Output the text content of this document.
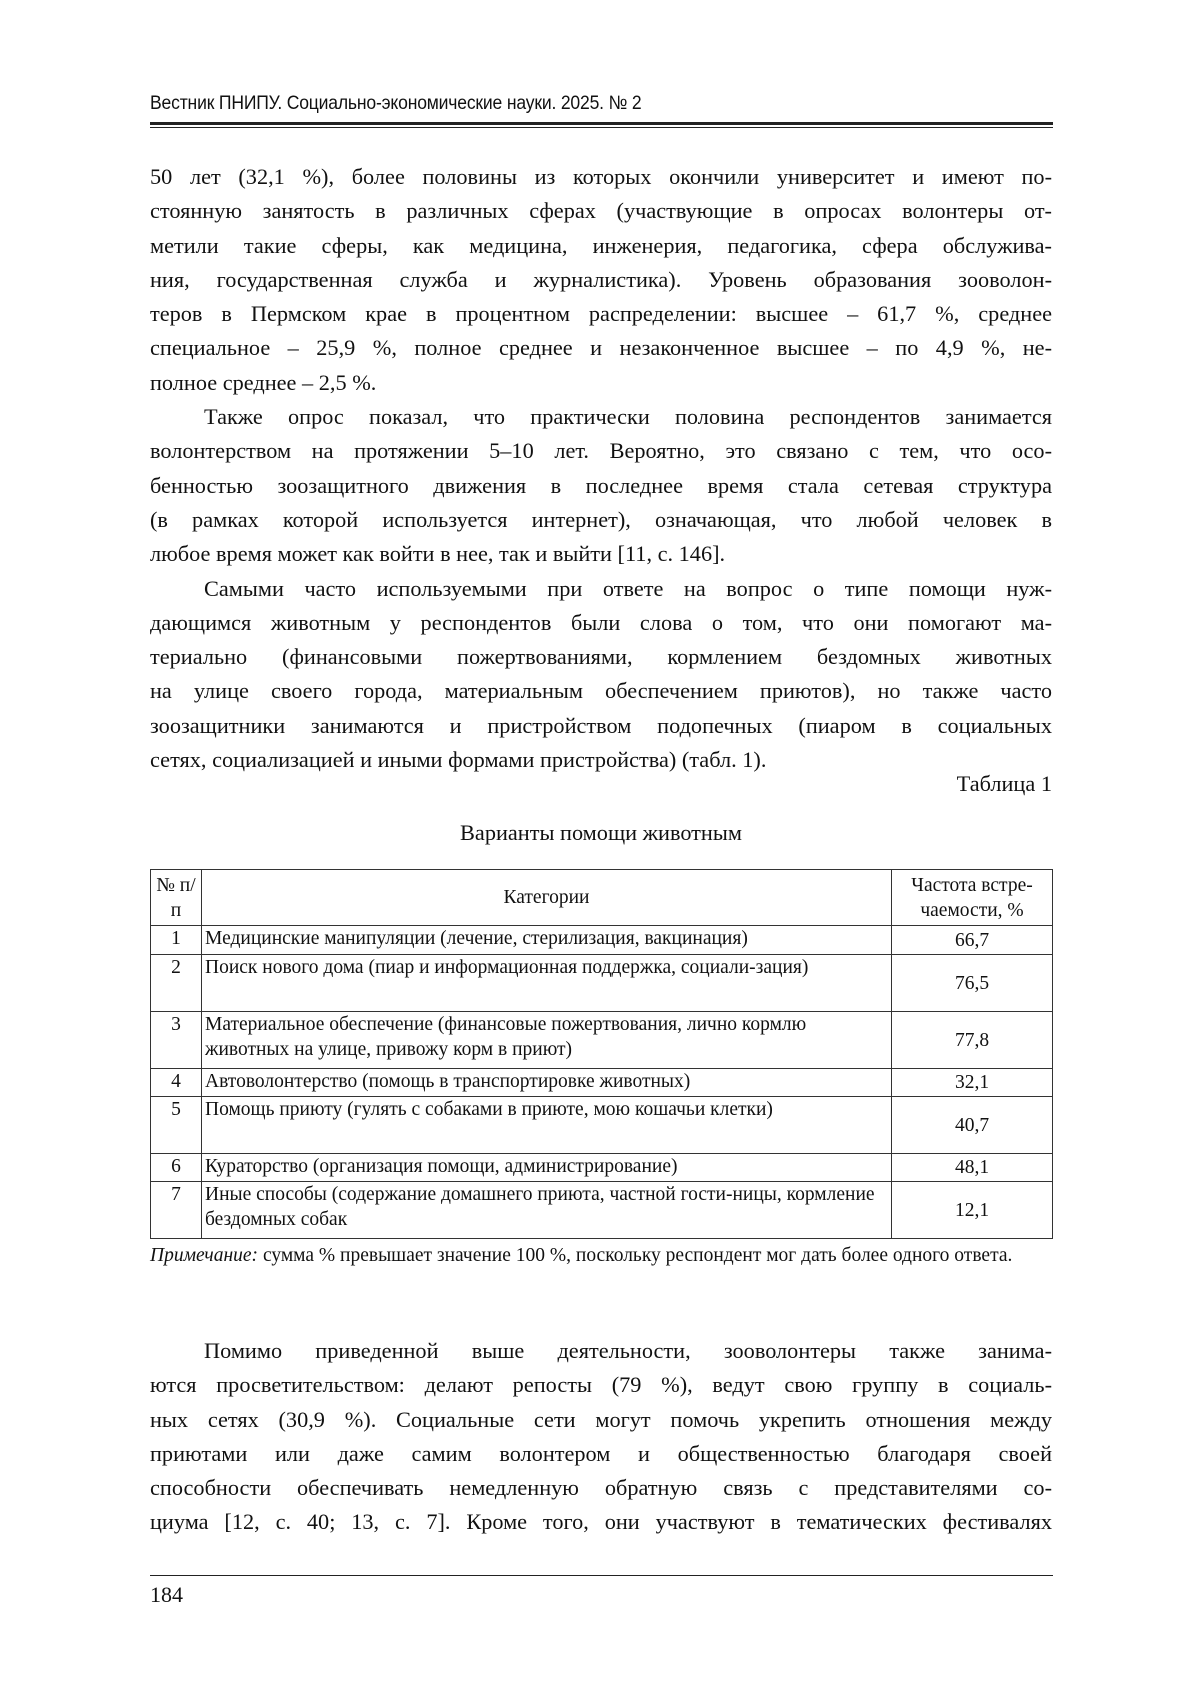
Вестник ПНИПУ. Социально-экономические науки. 2025. № 2
50 лет (32,1 %), более половины из которых окончили университет и имеют по-
стоянную занятость в различных сферах (участвующие в опросах волонтеры от-
метили такие сферы, как медицина, инженерия, педагогика, сфера обслужива-
ния, государственная служба и журналистика). Уровень образования зооволон-
теров в Пермском крае в процентном распределении: высшее – 61,7 %, среднее
специальное – 25,9 %, полное среднее и незаконченное высшее – по 4,9 %, не-
полное среднее – 2,5 %.
Также опрос показал, что практически половина респондентов занимается
волонтерством на протяжении 5–10 лет. Вероятно, это связано с тем, что осо-
бенностью зоозащитного движения в последнее время стала сетевая структура
(в рамках которой используется интернет), означающая, что любой человек в
любое время может как войти в нее, так и выйти [11, с. 146].
Самыми часто используемыми при ответе на вопрос о типе помощи нуж-
дающимся животным у респондентов были слова о том, что они помогают ма-
териально (финансовыми пожертвованиями, кормлением бездомных животных
на улице своего города, материальным обеспечением приютов), но также часто
зоозащитники занимаются и пристройством подопечных (пиаром в социальных
сетях, социализацией и иными формами пристройства) (табл. 1).
Таблица 1
Варианты помощи животным
№ п/п	Категории	Частота встре-чаемости, %
1	Медицинские манипуляции (лечение, стерилизация, вакцинация)	66,7
2	Поиск нового дома (пиар и информационная поддержка, социали-зация)	76,5
3	Материальное обеспечение (финансовые пожертвования, лично кормлю животных на улице, привожу корм в приют)	77,8
4	Автоволонтерство (помощь в транспортировке животных)	32,1
5	Помощь приюту (гулять с собаками в приюте, мою кошачьи клетки)	40,7
6	Кураторство (организация помощи, администрирование)	48,1
7	Иные способы (содержание домашнего приюта, частной гости-ницы, кормление бездомных собак	12,1
Примечание: сумма % превышает значение 100 %, поскольку респондент мог дать более одного ответа.
Помимо приведенной выше деятельности, зооволонтеры также занима-
ются просветительством: делают репосты (79 %), ведут свою группу в социаль-
ных сетях (30,9 %). Социальные сети могут помочь укрепить отношения между
приютами или даже самим волонтером и общественностью благодаря своей
способности обеспечивать немедленную обратную связь с представителями со-
циума [12, с. 40; 13, с. 7]. Кроме того, они участвуют в тематических фестивалях
184
